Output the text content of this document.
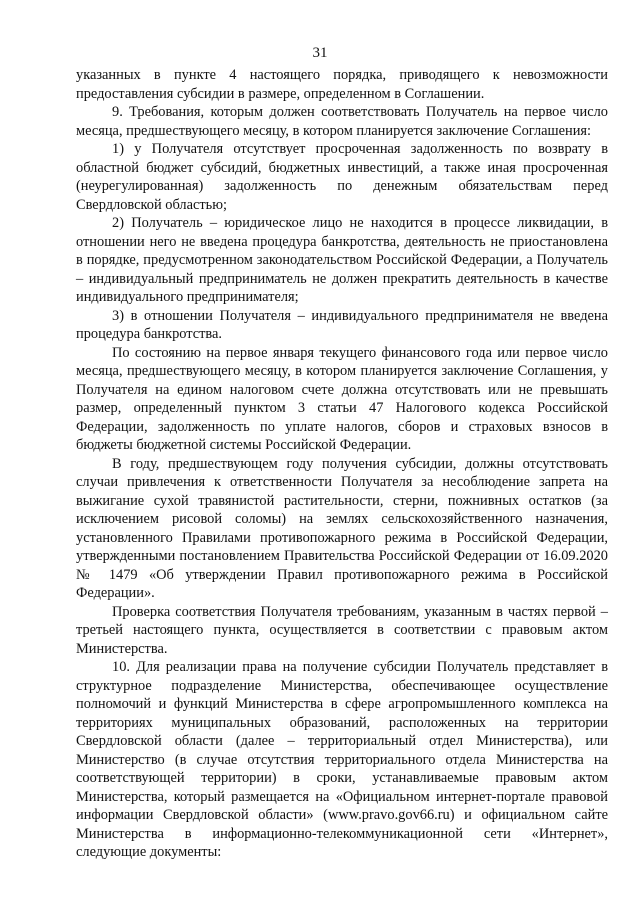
31

указанных в пункте 4 настоящего порядка, приводящего к невозможности предоставления субсидии в размере, определенном в Соглашении.

9. Требования, которым должен соответствовать Получатель на первое число месяца, предшествующего месяцу, в котором планируется заключение Соглашения:

1) у Получателя отсутствует просроченная задолженность по возврату в областной бюджет субсидий, бюджетных инвестиций, а также иная просроченная (неурегулированная) задолженность по денежным обязательствам перед Свердловской областью;

2) Получатель – юридическое лицо не находится в процессе ликвидации, в отношении него не введена процедура банкротства, деятельность не приостановлена в порядке, предусмотренном законодательством Российской Федерации, а Получатель – индивидуальный предприниматель не должен прекратить деятельность в качестве индивидуального предпринимателя;

3) в отношении Получателя – индивидуального предпринимателя не введена процедура банкротства.

По состоянию на первое января текущего финансового года или первое число месяца, предшествующего месяцу, в котором планируется заключение Соглашения, у Получателя на едином налоговом счете должна отсутствовать или не превышать размер, определенный пунктом 3 статьи 47 Налогового кодекса Российской Федерации, задолженность по уплате налогов, сборов и страховых взносов в бюджеты бюджетной системы Российской Федерации.

В году, предшествующем году получения субсидии, должны отсутствовать случаи привлечения к ответственности Получателя за несоблюдение запрета на выжигание сухой травянистой растительности, стерни, пожнивных остатков (за исключением рисовой соломы) на землях сельскохозяйственного назначения, установленного Правилами противопожарного режима в Российской Федерации, утвержденными постановлением Правительства Российской Федерации от 16.09.2020 № 1479 «Об утверждении Правил противопожарного режима в Российской Федерации».

Проверка соответствия Получателя требованиям, указанным в частях первой – третьей настоящего пункта, осуществляется в соответствии с правовым актом Министерства.

10. Для реализации права на получение субсидии Получатель представляет в структурное подразделение Министерства, обеспечивающее осуществление полномочий и функций Министерства в сфере агропромышленного комплекса на территориях муниципальных образований, расположенных на территории Свердловской области (далее – территориальный отдел Министерства), или Министерство (в случае отсутствия территориального отдела Министерства на соответствующей территории) в сроки, устанавливаемые правовым актом Министерства, который размещается на «Официальном интернет-портале правовой информации Свердловской области» (www.pravo.gov66.ru) и официальном сайте Министерства в информационно-телекоммуникационной сети «Интернет», следующие документы:
